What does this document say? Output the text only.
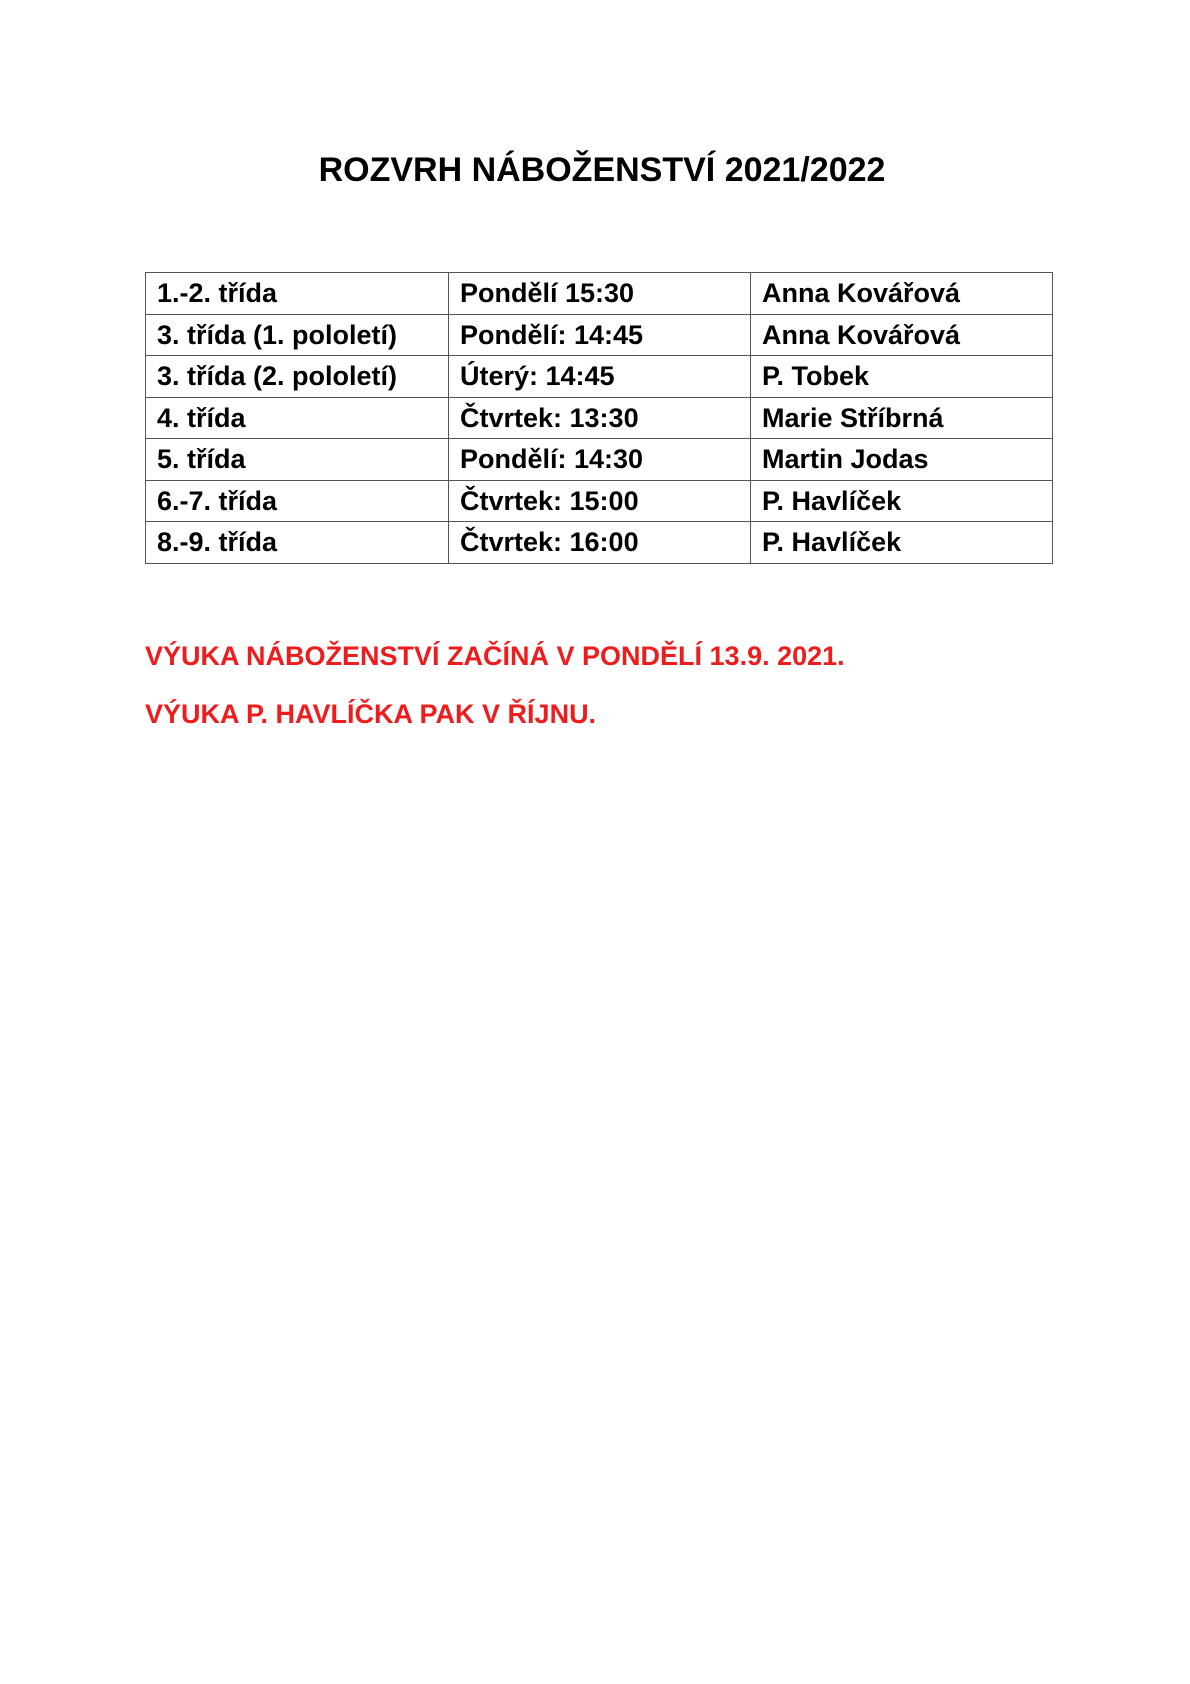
ROZVRH NÁBOŽENSTVÍ 2021/2022
1.-2. třída	Pondělí 15:30	Anna Kovářová
3. třída (1. pololetí)	Pondělí: 14:45	Anna Kovářová
3. třída (2. pololetí)	Úterý: 14:45	P. Tobek
4. třída	Čtvrtek: 13:30	Marie Stříbrná
5. třída	Pondělí: 14:30	Martin Jodas
6.-7. třída	Čtvrtek: 15:00	P. Havlíček
8.-9. třída	Čtvrtek: 16:00	P. Havlíček

VÝUKA NÁBOŽENSTVÍ ZAČÍNÁ V PONDĚLÍ 13.9. 2021.

VÝUKA P. HAVLÍČKA PAK V ŘÍJNU.
